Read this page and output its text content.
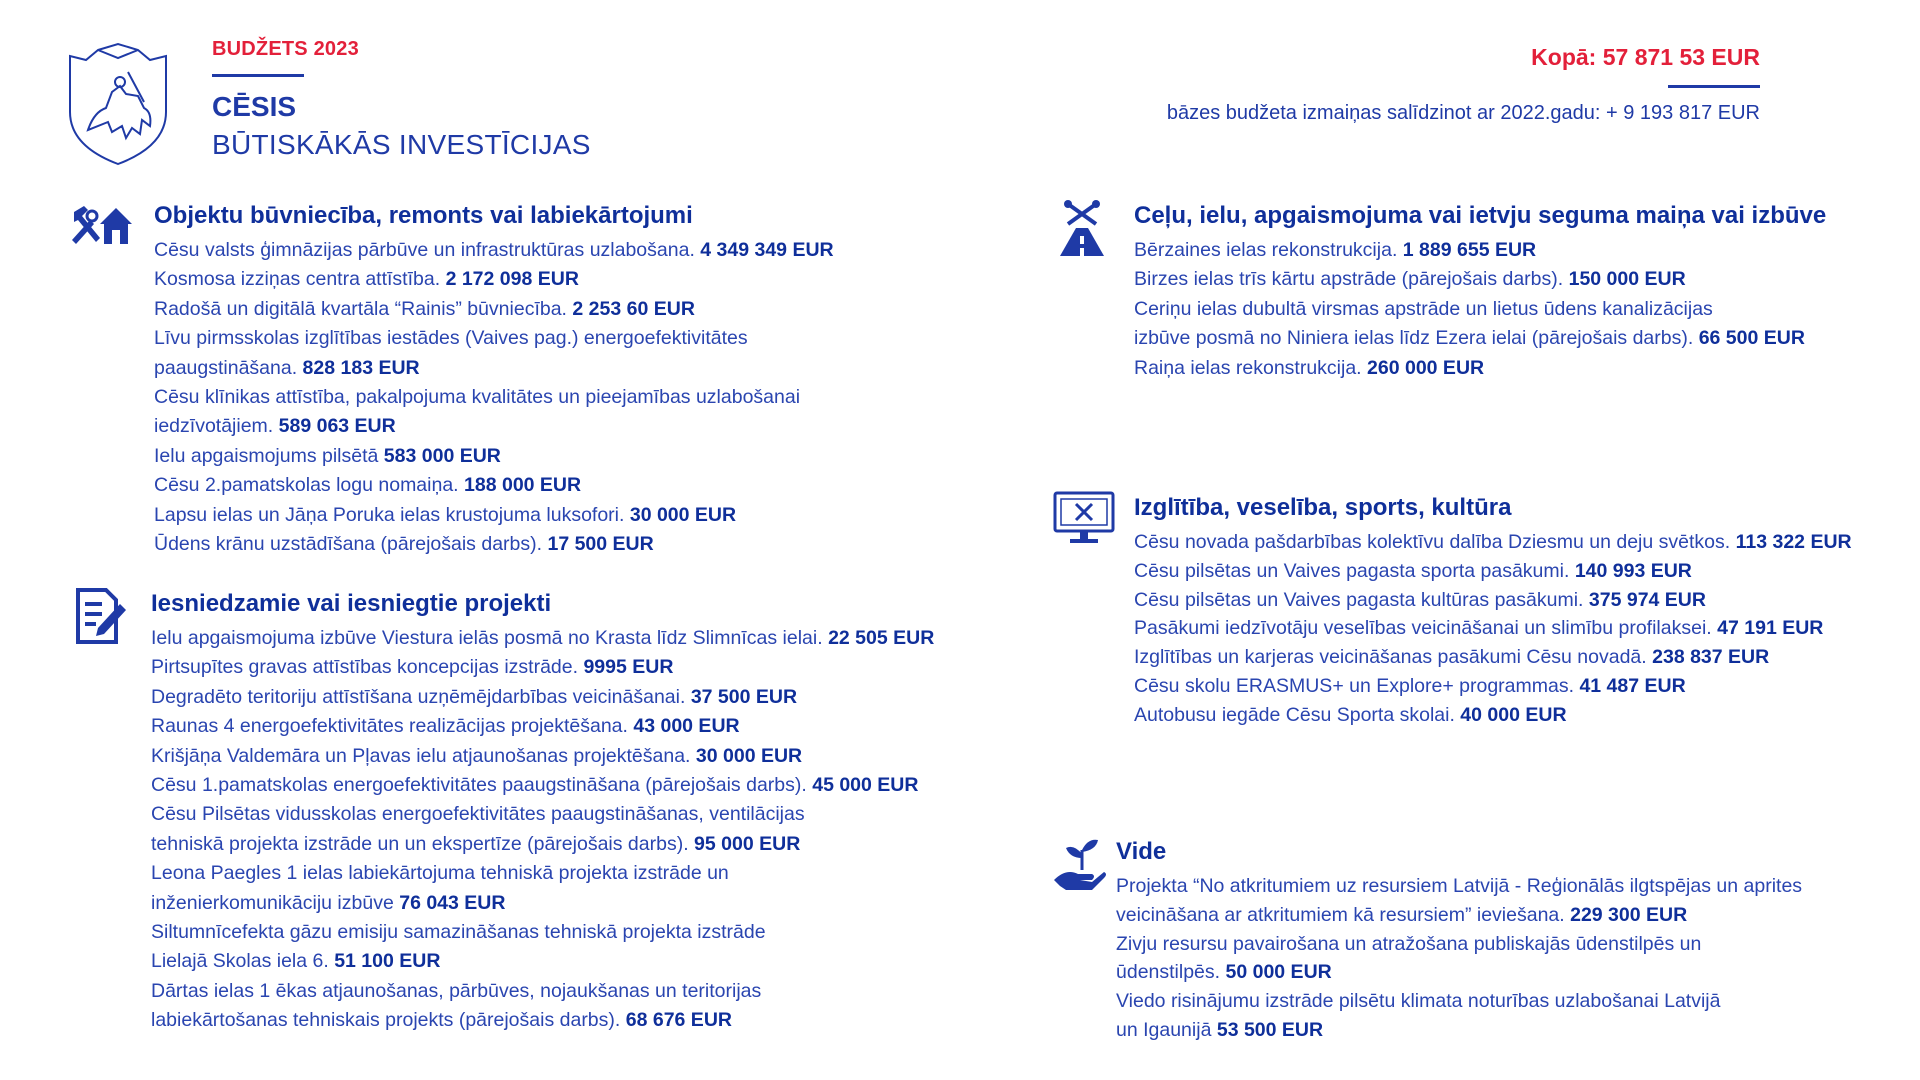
BUDŽETS 2023
CĒSIS
BŪTISKĀKĀS INVESTĪCIJAS
Kopā: 57 871 53 EUR
bāzes budžeta izmaiņas salīdzinot ar 2022.gadu: + 9 193 817 EUR
Objektu būvniecība, remonts vai labiekārtojumi
Cēsu valsts ģimnāzijas pārbūve un infrastruktūras uzlabošana. 4 349 349 EUR
Kosmosa izziņas centra attīstība. 2 172 098 EUR
Radošā un digitālā kvartāla “Rainis” būvniecība. 2 253 60 EUR
Līvu pirmsskolas izglītības iestādes (Vaives pag.) energoefektivitātes
paaugstināšana. 828 183 EUR
Cēsu klīnikas attīstība, pakalpojuma kvalitātes un pieejamības uzlabošanai
iedzīvotājiem. 589 063 EUR
Ielu apgaismojums pilsētā 583 000 EUR
Cēsu 2.pamatskolas logu nomaiņa. 188 000 EUR
Lapsu ielas un Jāņa Poruka ielas krustojuma luksofori. 30 000 EUR
Ūdens krānu uzstādīšana (pārejošais darbs). 17 500 EUR
Iesniedzamie vai iesniegtie projekti
Ielu apgaismojuma izbūve Viestura ielās posmā no Krasta līdz Slimnīcas ielai. 22 505 EUR
Pirtsupītes gravas attīstības koncepcijas izstrāde. 9995 EUR
Degradēto teritoriju attīstīšana uzņēmējdarbības veicināšanai. 37 500 EUR
Raunas 4 energoefektivitātes realizācijas projektēšana. 43 000 EUR
Krišjāņa Valdemāra un Pļavas ielu atjaunošanas projektēšana. 30 000 EUR
Cēsu 1.pamatskolas energoefektivitātes paaugstināšana (pārejošais darbs). 45 000 EUR
Cēsu Pilsētas vidusskolas energoefektivitātes paaugstināšanas, ventilācijas
tehniskā projekta izstrāde un un ekspertīze (pārejošais darbs). 95 000 EUR
Leona Paegles 1 ielas labiekārtojuma tehniskā projekta izstrāde un
inženierkomunikāciju izbūve 76 043 EUR
Siltumnīcefekta gāzu emisiju samazināšanas tehniskā projekta izstrāde
Lielajā Skolas iela 6. 51 100 EUR
Dārtas ielas 1 ēkas atjaunošanas, pārbūves, nojaukšanas un teritorijas
labiekārtošanas tehniskais projekts (pārejošais darbs). 68 676 EUR
Ceļu, ielu, apgaismojuma vai ietvju seguma maiņa vai izbūve
Bērzaines ielas rekonstrukcija. 1 889 655 EUR
Birzes ielas trīs kārtu apstrāde (pārejošais darbs). 150 000 EUR
Ceriņu ielas dubultā virsmas apstrāde un lietus ūdens kanalizācijas
izbūve posmā no Niniera ielas līdz Ezera ielai (pārejošais darbs). 66 500 EUR
Raiņa ielas rekonstrukcija. 260 000 EUR
Izglītība, veselība, sports, kultūra
Cēsu novada pašdarbības kolektīvu dalība Dziesmu un deju svētkos. 113 322 EUR
Cēsu pilsētas un Vaives pagasta sporta pasākumi. 140 993 EUR
Cēsu pilsētas un Vaives pagasta kultūras pasākumi. 375 974 EUR
Pasākumi iedzīvotāju veselības veicināšanai un slimību profilaksei. 47 191 EUR
Izglītības un karjeras veicināšanas pasākumi Cēsu novadā. 238 837 EUR
Cēsu skolu ERASMUS+ un Explore+ programmas. 41 487 EUR
Autobusu iegāde Cēsu Sporta skolai. 40 000 EUR
Vide
Projekta “No atkritumiem uz resursiem Latvijā - Reģionālās ilgtspējas un aprites
veicināšana ar atkritumiem kā resursiem” ieviešana. 229 300 EUR
Zivju resursu pavairošana un atražošana publiskajās ūdenstilpēs un
ūdenstilpēs. 50 000 EUR
Viedo risinājumu izstrāde pilsētu klimata noturības uzlabošanai Latvijā
un Igaunijā 53 500 EUR
